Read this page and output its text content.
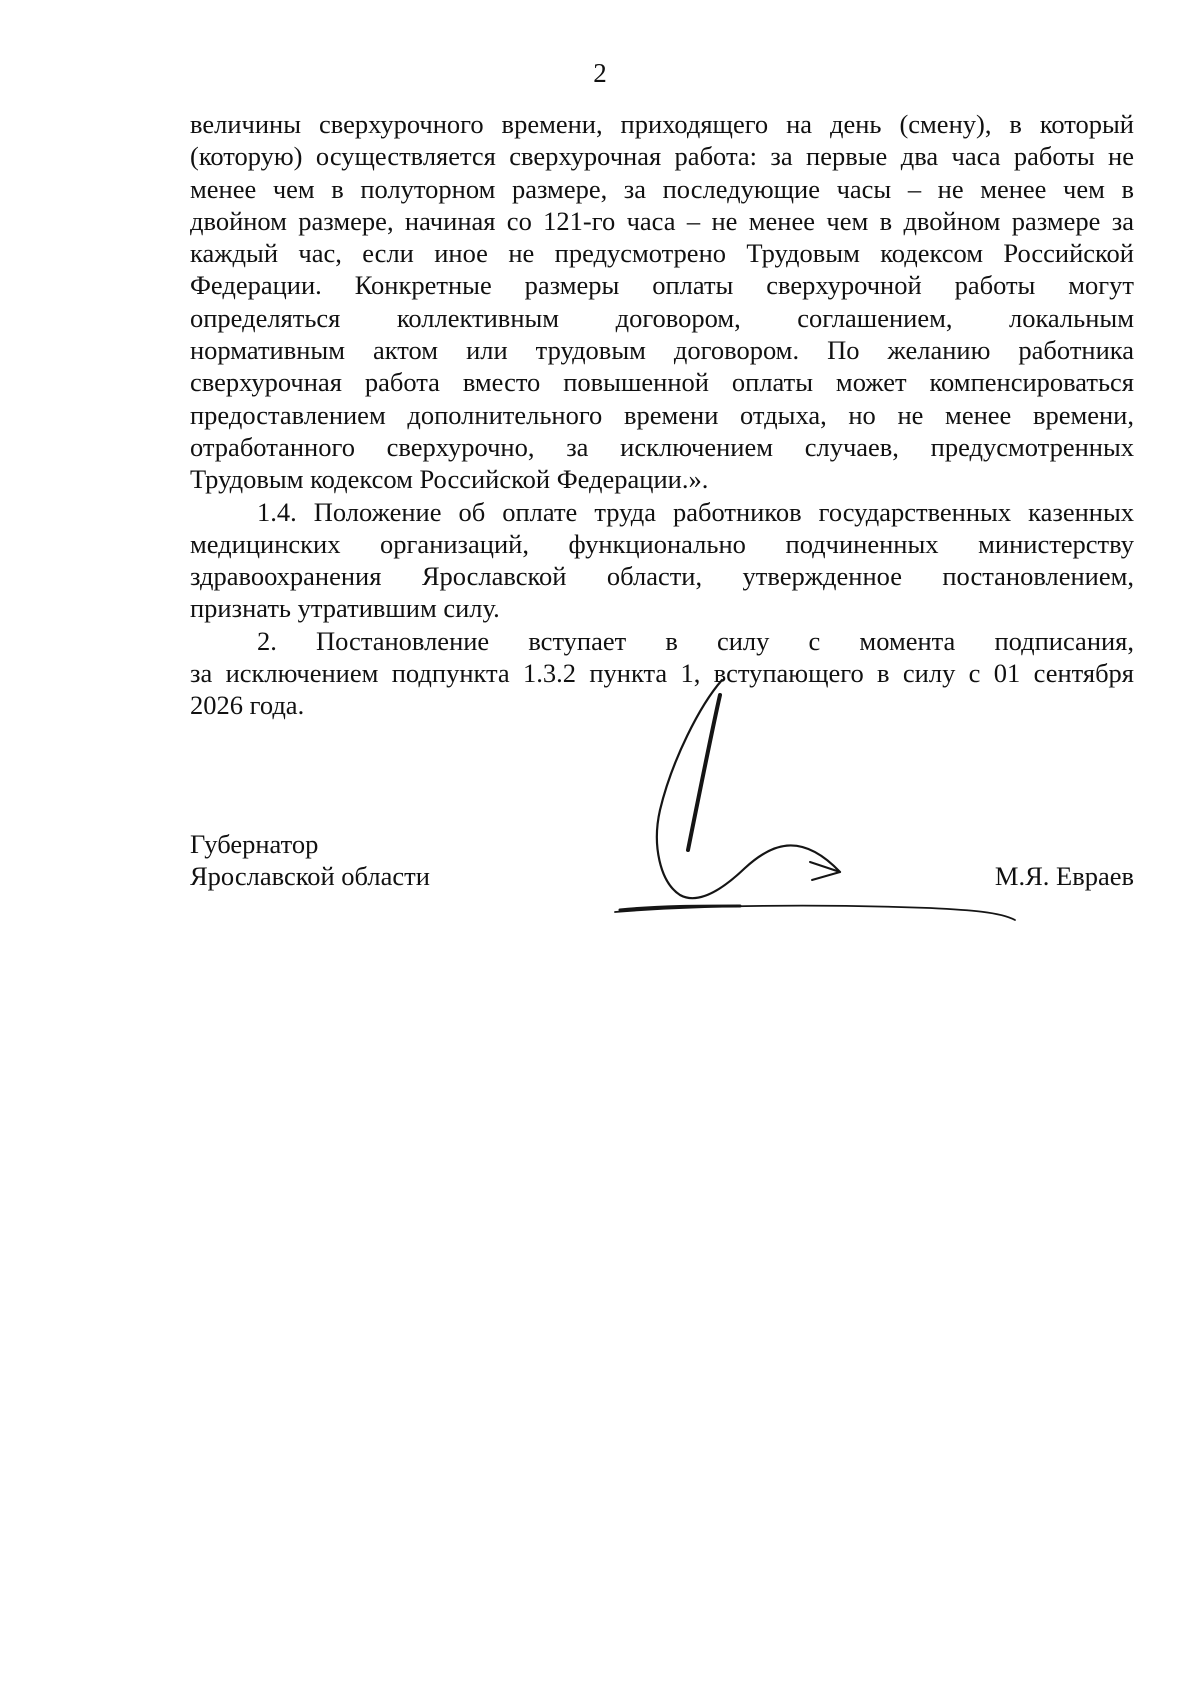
2

величины сверхурочного времени, приходящего на день (смену), в который
(которую) осуществляется сверхурочная работа: за первые два часа работы не
менее чем в полуторном размере, за последующие часы – не менее чем в
двойном размере, начиная со 121-го часа – не менее чем в двойном размере за
каждый час, если иное не предусмотрено Трудовым кодексом Российской
Федерации. Конкретные размеры оплаты сверхурочной работы могут
определяться коллективным договором, соглашением, локальным
нормативным актом или трудовым договором. По желанию работника
сверхурочная работа вместо повышенной оплаты может компенсироваться
предоставлением дополнительного времени отдыха, но не менее времени,
отработанного сверхурочно, за исключением случаев, предусмотренных
Трудовым кодексом Российской Федерации.».

1.4. Положение об оплате труда работников государственных казенных
медицинских организаций, функционально подчиненных министерству
здравоохранения Ярославской области, утвержденное постановлением,
признать утратившим силу.

2. Постановление вступает в силу с момента подписания,
за исключением подпункта 1.3.2 пункта 1, вступающего в силу с 01 сентября
2026 года.

Губернатор
Ярославской области	М.Я. Евраев
